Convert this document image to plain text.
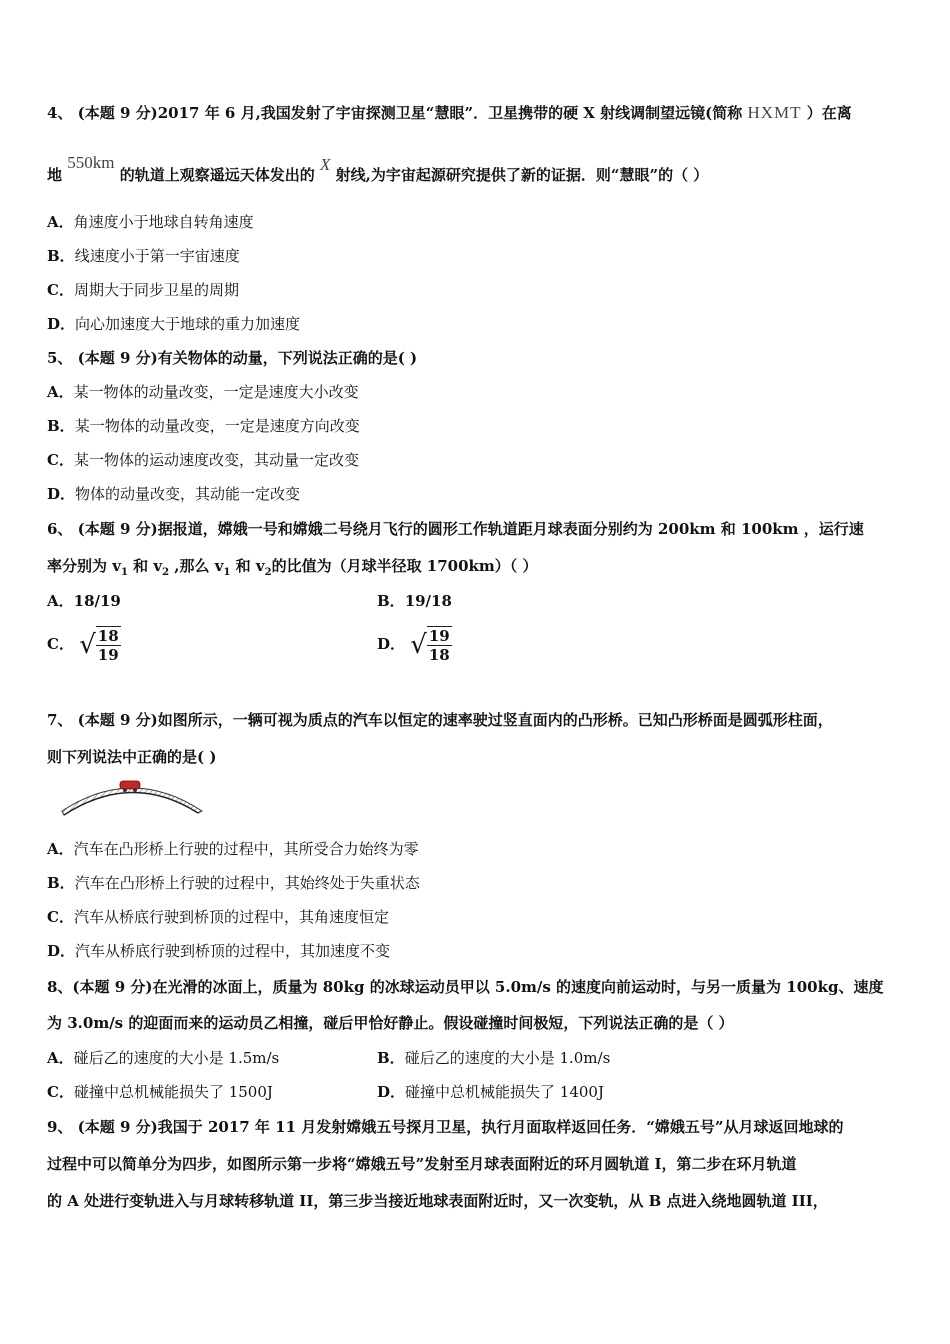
4、 (本题 9 分)2017 年 6 月,我国发射了宇宙探测卫星“慧眼”．卫星携带的硬 X 射线调制望远镜(简称 HXMT ）在离
地 550km 的轨道上观察遥远天体发出的 X 射线,为宇宙起源研究提供了新的证据．则“慧眼”的（ ）
A．角速度小于地球自转角速度
B．线速度小于第一宇宙速度
C．周期大于同步卫星的周期
D．向心加速度大于地球的重力加速度
5、 (本题 9 分)有关物体的动量，下列说法正确的是( )
A．某一物体的动量改变，一定是速度大小改变
B．某一物体的动量改变，一定是速度方向改变
C．某一物体的运动速度改变，其动量一定改变
D．物体的动量改变，其动能一定改变
6、 (本题 9 分)据报道，嫦娥一号和嫦娥二号绕月飞行的圆形工作轨道距月球表面分别约为 200km 和 100km ，运行速
率分别为 $v_1$ 和 $v_2$ ,那么 $v_1$ 和 $v_2$的比值为（月球半径取 1700km）（ ）
A．18/19	B．19/18
C． √ $\frac{18}{19}$	D． √ $\frac{19}{18}$
7、 (本题 9 分)如图所示，一辆可视为质点的汽车以恒定的速率驶过竖直面内的凸形桥。已知凸形桥面是圆弧形柱面，
则下列说法中正确的是( )
A．汽车在凸形桥上行驶的过程中，其所受合力始终为零
B．汽车在凸形桥上行驶的过程中，其始终处于失重状态
C．汽车从桥底行驶到桥顶的过程中，其角速度恒定
D．汽车从桥底行驶到桥顶的过程中，其加速度不变
8、(本题 9 分)在光滑的冰面上，质量为 80kg 的冰球运动员甲以 5.0m/s 的速度向前运动时，与另一质量为 100kg、速度
为 3.0m/s 的迎面而来的运动员乙相撞，碰后甲恰好静止。假设碰撞时间极短，下列说法正确的是（ ）
A．碰后乙的速度的大小是 1.5m/s	B．碰后乙的速度的大小是 1.0m/s
C．碰撞中总机械能损失了 1500J	D．碰撞中总机械能损失了 1400J
9、 (本题 9 分)我国于 2017 年 11 月发射嫦娥五号探月卫星，执行月面取样返回任务．“嫦娥五号”从月球返回地球的
过程中可以简单分为四步，如图所示第一步将“嫦娥五号”发射至月球表面附近的环月圆轨道 I，第二步在环月轨道
的 A 处进行变轨进入与月球转移轨道 II，第三步当接近地球表面附近时，又一次变轨，从 B 点进入绕地圆轨道 III，
